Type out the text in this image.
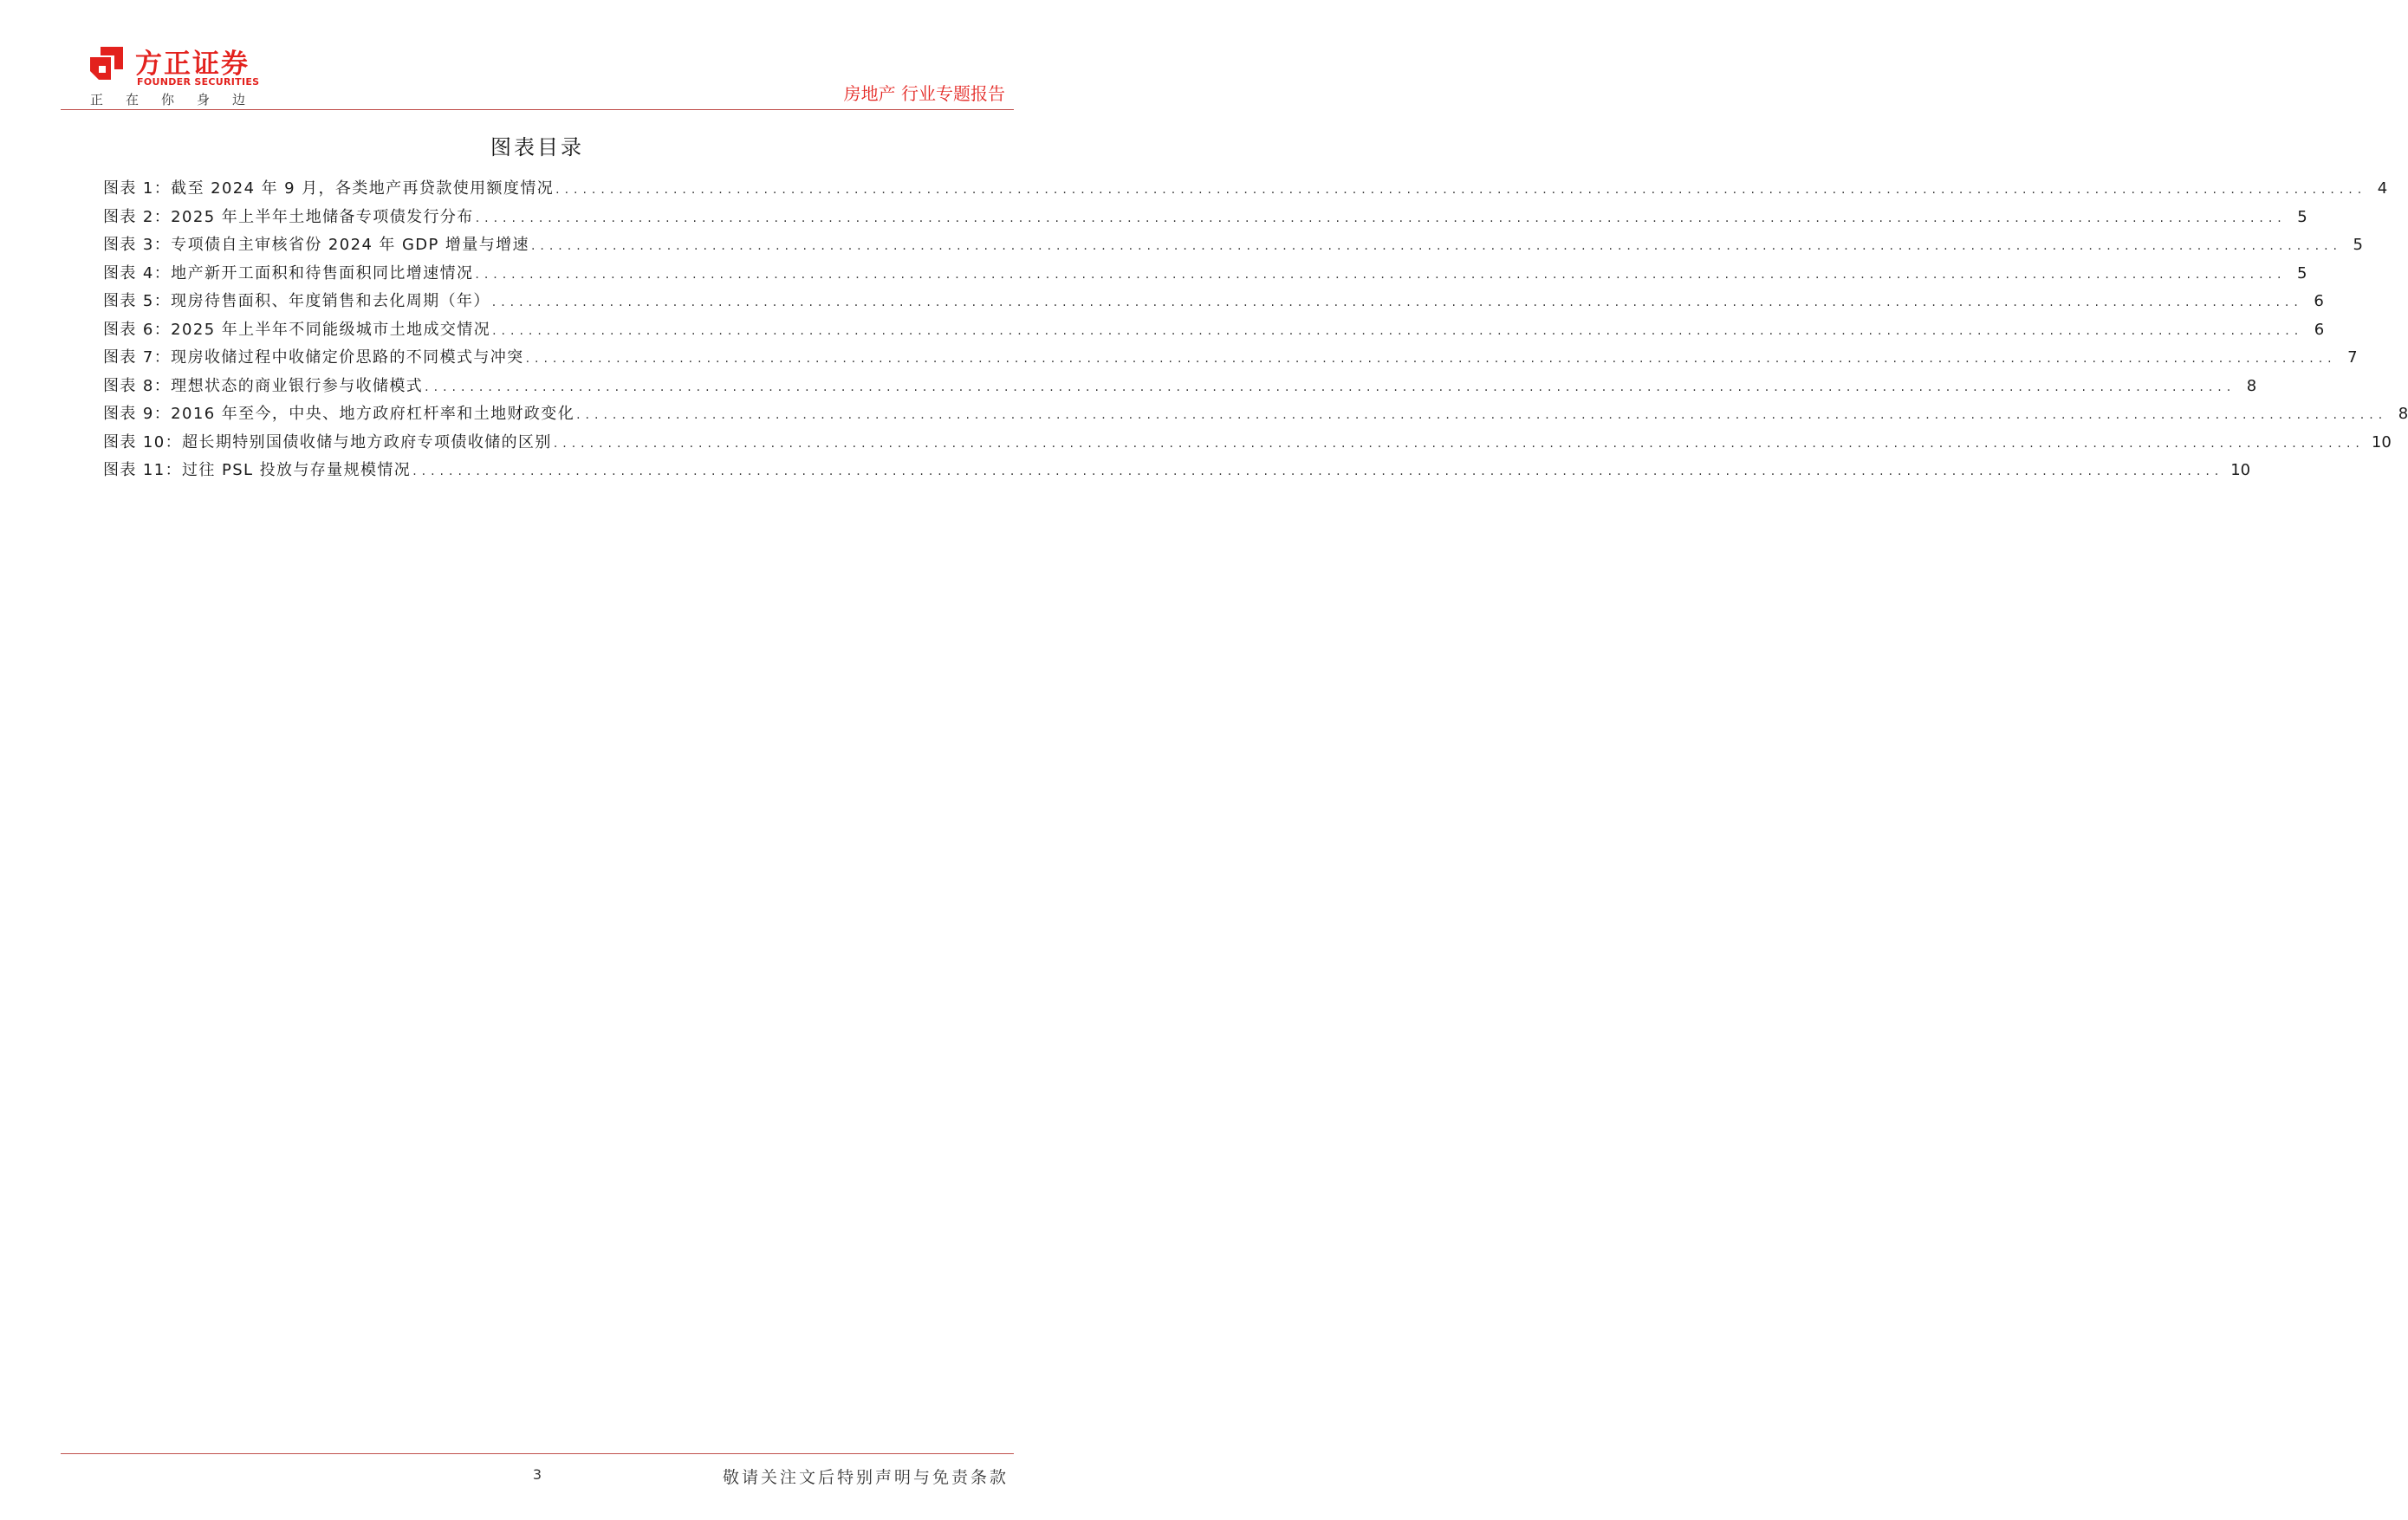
方正证券
FOUNDER SECURITIES
正在你身边	房地产 行业专题报告
图表目录
图表 1：截至 2024 年 9 月，各类地产再贷款使用额度情况 ........................................................................................................................................................................................................ 4
图表 2：2025 年上半年土地储备专项债发行分布 ........................................................................................................................................................................................................ 5
图表 3：专项债自主审核省份 2024 年 GDP 增量与增速 ........................................................................................................................................................................................................ 5
图表 4：地产新开工面积和待售面积同比增速情况 ........................................................................................................................................................................................................ 5
图表 5：现房待售面积、年度销售和去化周期（年） ........................................................................................................................................................................................................ 6
图表 6：2025 年上半年不同能级城市土地成交情况 ........................................................................................................................................................................................................ 6
图表 7：现房收储过程中收储定价思路的不同模式与冲突 ........................................................................................................................................................................................................ 7
图表 8：理想状态的商业银行参与收储模式 ........................................................................................................................................................................................................ 8
图表 9：2016 年至今，中央、地方政府杠杆率和土地财政变化 ........................................................................................................................................................................................................ 8
图表 10：超长期特别国债收储与地方政府专项债收储的区别 ........................................................................................................................................................................................................ 10
图表 11：过往 PSL 投放与存量规模情况 ........................................................................................................................................................................................................ 10
3	敬请关注文后特别声明与免责条款
